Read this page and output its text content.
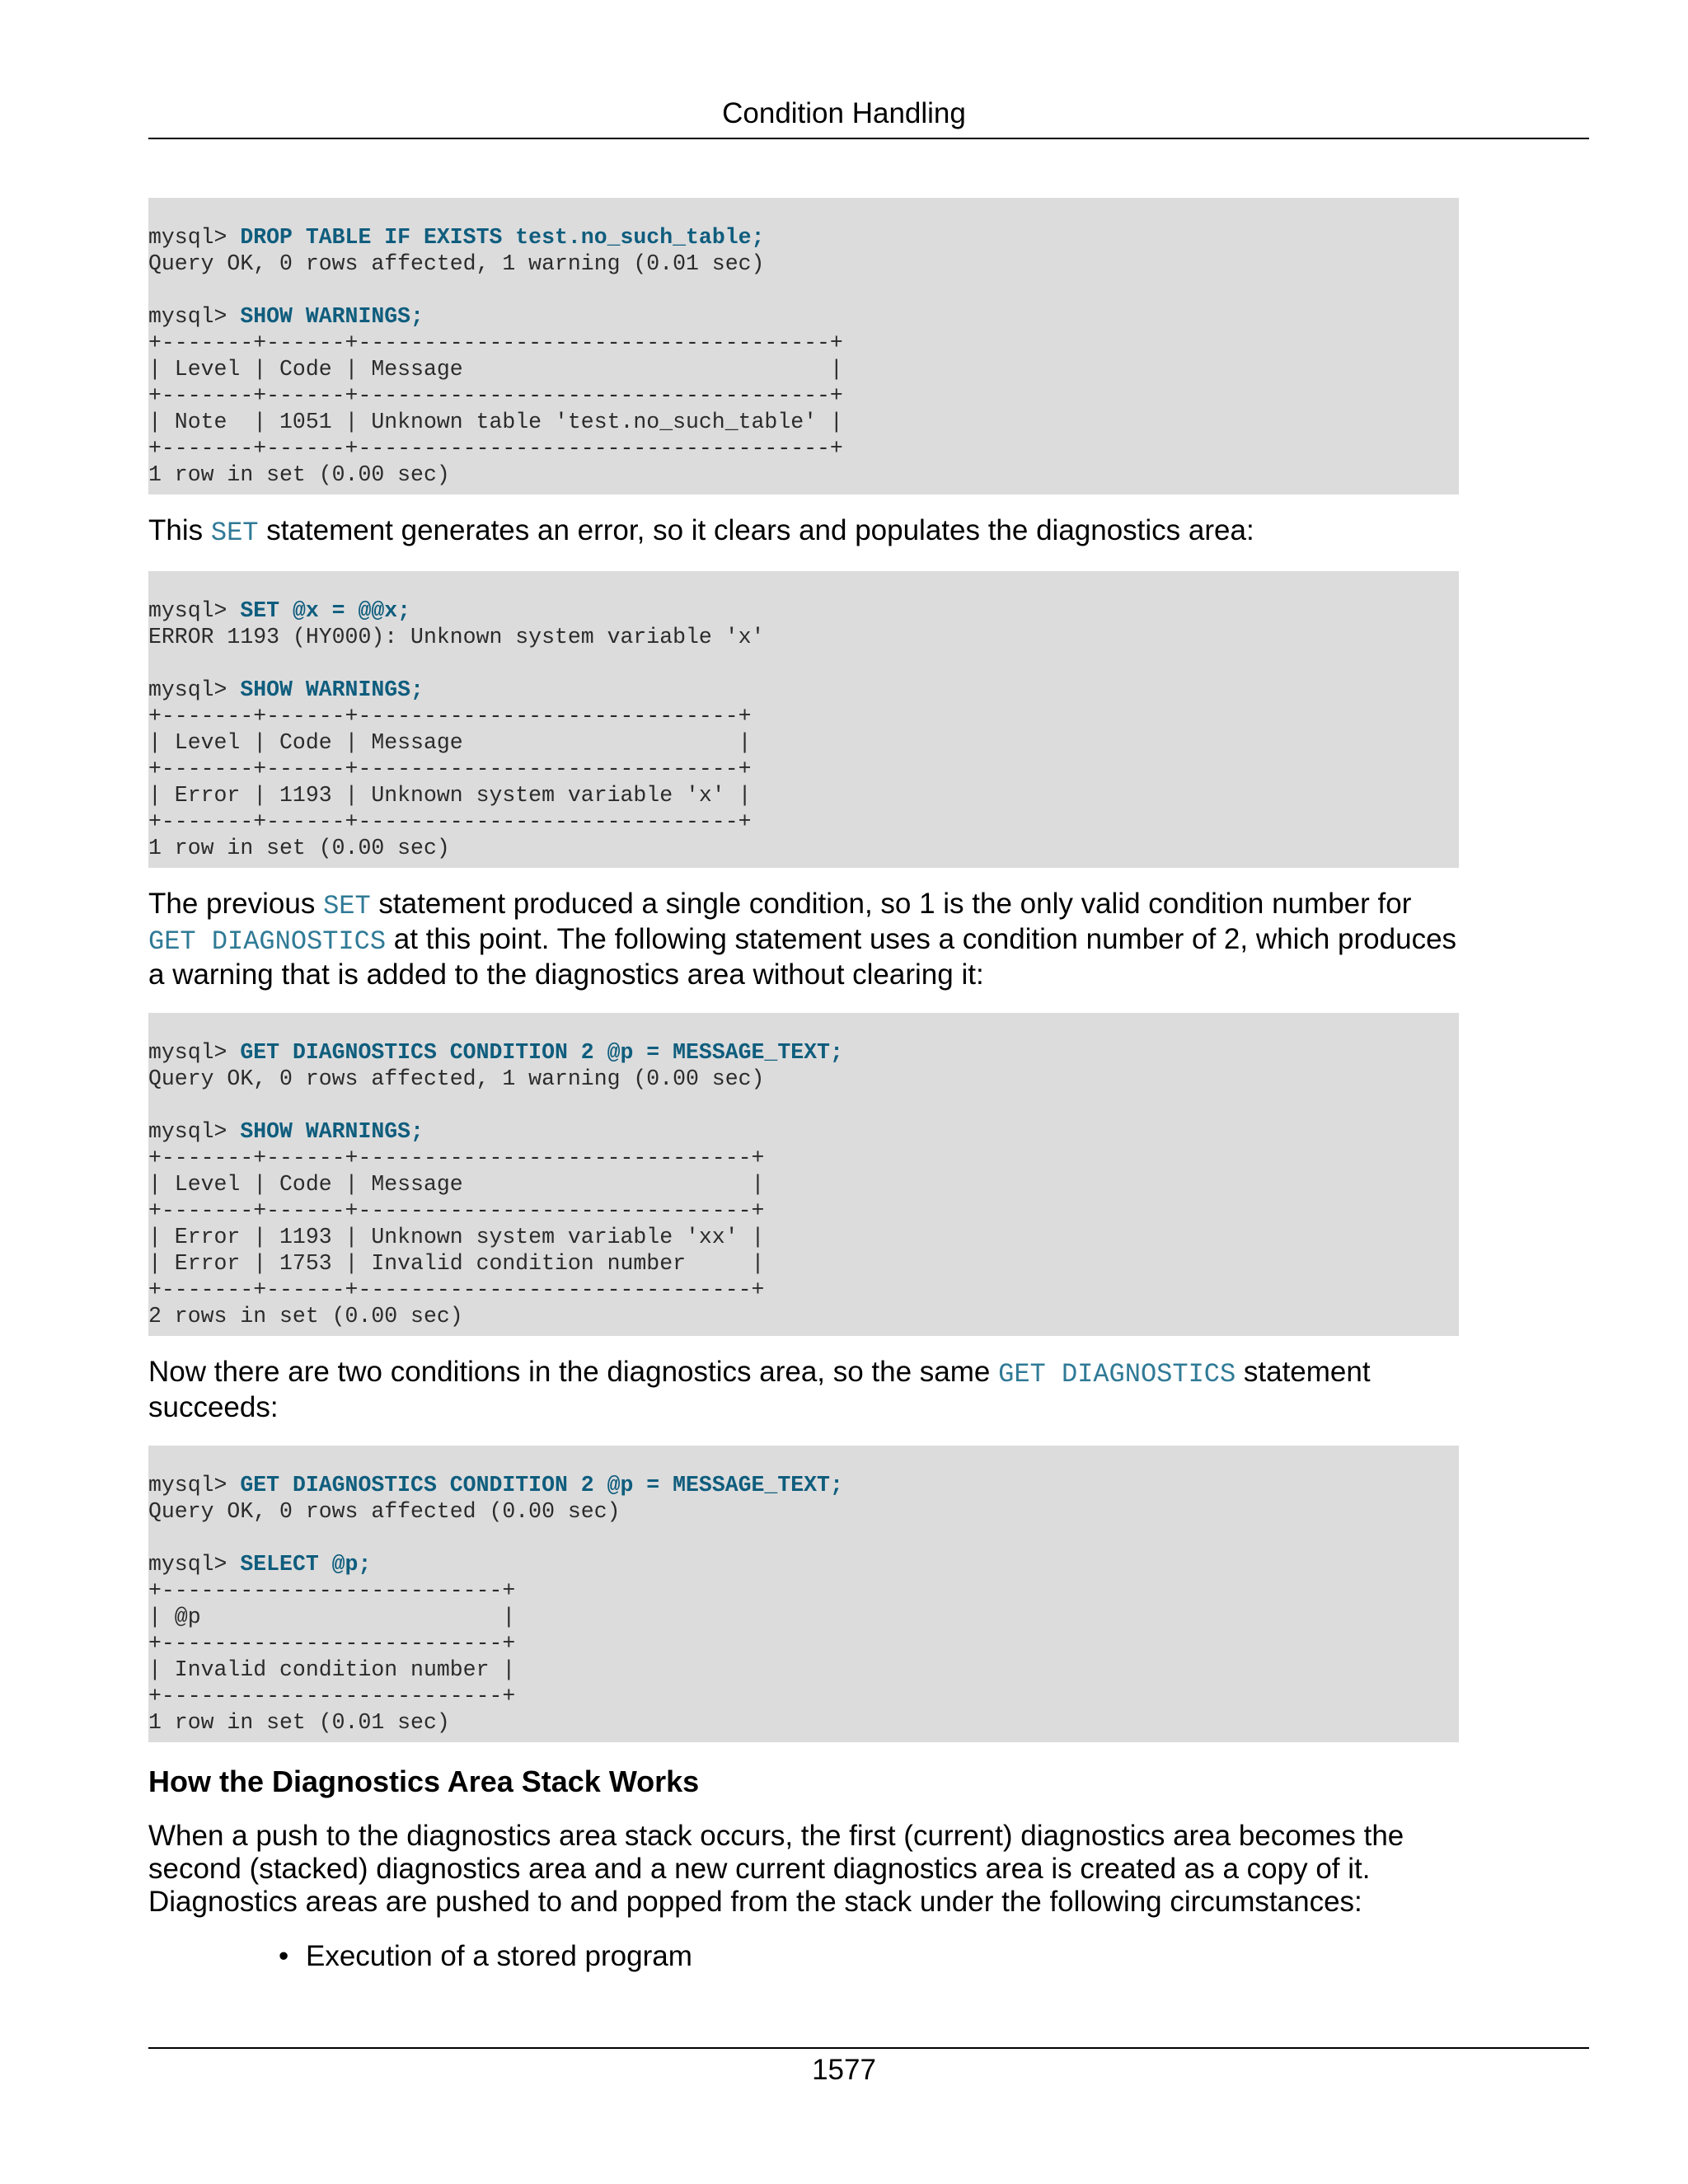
Condition Handling
mysql> DROP TABLE IF EXISTS test.no_such_table;
Query OK, 0 rows affected, 1 warning (0.01 sec)
mysql> SHOW WARNINGS;
+-------+------+------------------------------------+
| Level | Code | Message                            |
+-------+------+------------------------------------+
| Note  | 1051 | Unknown table 'test.no_such_table' |
+-------+------+------------------------------------+
1 row in set (0.00 sec)
This SET statement generates an error, so it clears and populates the diagnostics area:
mysql> SET @x = @@x;
ERROR 1193 (HY000): Unknown system variable 'x'
mysql> SHOW WARNINGS;
+-------+------+-----------------------------+
| Level | Code | Message                     |
+-------+------+-----------------------------+
| Error | 1193 | Unknown system variable 'x' |
+-------+------+-----------------------------+
1 row in set (0.00 sec)
The previous SET statement produced a single condition, so 1 is the only valid condition number for GET DIAGNOSTICS at this point. The following statement uses a condition number of 2, which produces a warning that is added to the diagnostics area without clearing it:
mysql> GET DIAGNOSTICS CONDITION 2 @p = MESSAGE_TEXT;
Query OK, 0 rows affected, 1 warning (0.00 sec)
mysql> SHOW WARNINGS;
+-------+------+------------------------------+
| Level | Code | Message                      |
+-------+------+------------------------------+
| Error | 1193 | Unknown system variable 'xx' |
| Error | 1753 | Invalid condition number     |
+-------+------+------------------------------+
2 rows in set (0.00 sec)
Now there are two conditions in the diagnostics area, so the same GET DIAGNOSTICS statement succeeds:
mysql> GET DIAGNOSTICS CONDITION 2 @p = MESSAGE_TEXT;
Query OK, 0 rows affected (0.00 sec)
mysql> SELECT @p;
+--------------------------+
| @p                       |
+--------------------------+
| Invalid condition number |
+--------------------------+
1 row in set (0.01 sec)
How the Diagnostics Area Stack Works
When a push to the diagnostics area stack occurs, the first (current) diagnostics area becomes the second (stacked) diagnostics area and a new current diagnostics area is created as a copy of it. Diagnostics areas are pushed to and popped from the stack under the following circumstances:
• Execution of a stored program
1577
